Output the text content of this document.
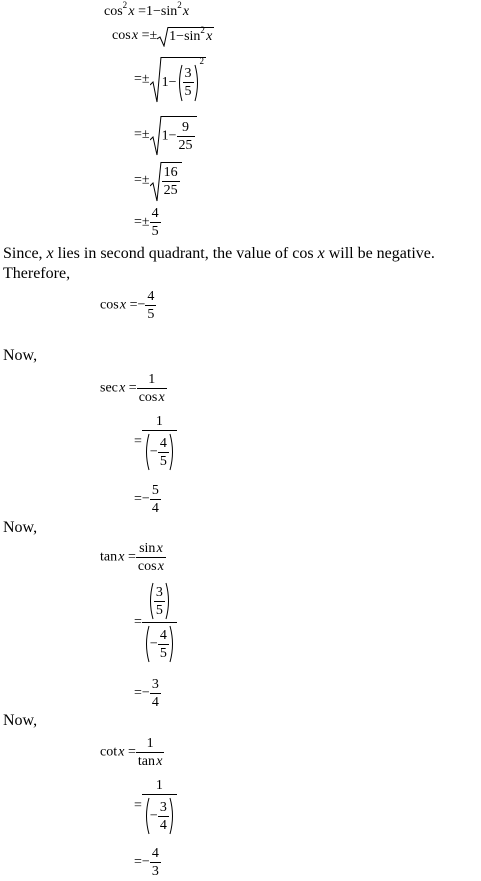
$\cos^2$ $x =1-\sin^2$ x
cos $x =\pm 1-\sin^2$ x
=± $1- \frac{3}{5}$
$^2$
=± $1- \frac{9}{25}$
=± $\frac{16}{25}$
=± $\frac{4}{5}$
Since, x lies in second quadrant, the value of cos x will be negative.
Therefore,
cos $x =- \frac{4}{5}$
Now,
sec $x = \frac{1}{\text{cos x}}$
= $\frac{1}{- \frac{4}{5}}$
=− $\frac{5}{4}$
Now,
tan $x = \frac{\text{sin x}}{\text{cos x}}$
= $\frac{\frac{3}{5}}{- \frac{4}{5}}$
=− $\frac{3}{4}$
Now,
cot $x = \frac{1}{\text{tan x}}$
= $\frac{1}{- \frac{3}{4}}$
=− $\frac{4}{3}$
